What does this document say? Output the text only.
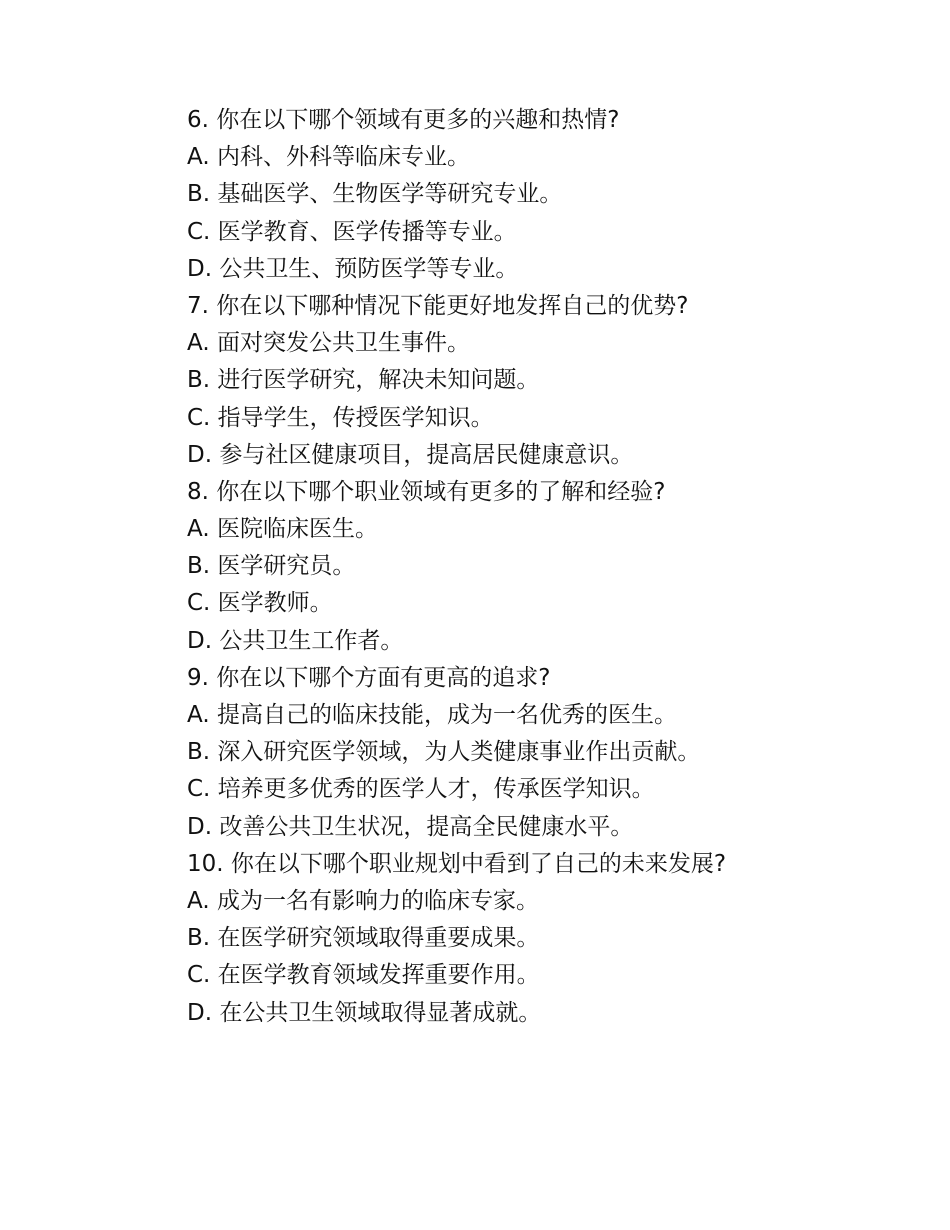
6. 你在以下哪个领域有更多的兴趣和热情?
A. 内科、外科等临床专业。
B. 基础医学、生物医学等研究专业。
C. 医学教育、医学传播等专业。
D. 公共卫生、预防医学等专业。
7. 你在以下哪种情况下能更好地发挥自己的优势?
A. 面对突发公共卫生事件。
B. 进行医学研究，解决未知问题。
C. 指导学生，传授医学知识。
D. 参与社区健康项目，提高居民健康意识。
8. 你在以下哪个职业领域有更多的了解和经验?
A. 医院临床医生。
B. 医学研究员。
C. 医学教师。
D. 公共卫生工作者。
9. 你在以下哪个方面有更高的追求?
A. 提高自己的临床技能，成为一名优秀的医生。
B. 深入研究医学领域，为人类健康事业作出贡献。
C. 培养更多优秀的医学人才，传承医学知识。
D. 改善公共卫生状况，提高全民健康水平。
10. 你在以下哪个职业规划中看到了自己的未来发展?
A. 成为一名有影响力的临床专家。
B. 在医学研究领域取得重要成果。
C. 在医学教育领域发挥重要作用。
D. 在公共卫生领域取得显著成就。
